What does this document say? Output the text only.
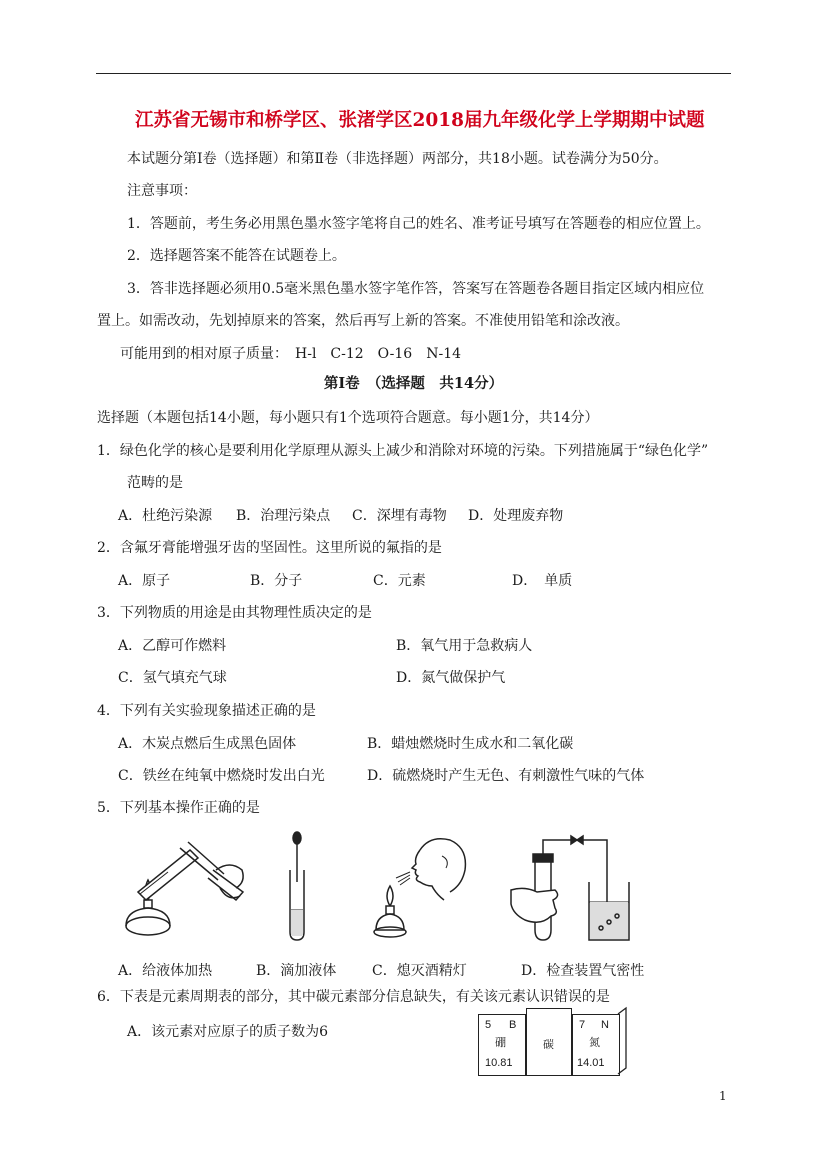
江苏省无锡市和桥学区、张渚学区2018届九年级化学上学期期中试题
本试题分第Ⅰ卷（选择题）和第Ⅱ卷（非选择题）两部分，共18小题。试卷满分为50分。
注意事项：
1．答题前，考生务必用黑色墨水签字笔将自己的姓名、准考证号填写在答题卷的相应位置上。
2．选择题答案不能答在试题卷上。
3．答非选择题必须用0.5毫米黑色墨水签字笔作答，答案写在答题卷各题目指定区域内相应位
置上。如需改动，先划掉原来的答案，然后再写上新的答案。不准使用铅笔和涂改液。
可能用到的相对原子质量：　H-l　C-12　O-16　N-14
第Ⅰ卷　（选择题　共14分）
选择题（本题包括14小题，每小题只有1个选项符合题意。每小题1分，共14分）
1．绿色化学的核心是要利用化学原理从源头上减少和消除对环境的污染。下列措施属于“绿色化学”
范畴的是
A．杜绝污染源 B．治理污染点 C．深埋有毒物 D．处理废弃物
2．含氟牙膏能增强牙齿的坚固性。这里所说的氟指的是
A．原子	B．分子	C．元素	D．　单质
3．下列物质的用途是由其物理性质决定的是
A．乙醇可作燃料	B．氧气用于急救病人
C．氢气填充气球	D．氮气做保护气
4．下列有关实验现象描述正确的是
A．木炭点燃后生成黑色固体	B．蜡烛燃烧时生成水和二氧化碳
C．铁丝在纯氧中燃烧时发出白光	D．硫燃烧时产生无色、有刺激性气味的气体
5．下列基本操作正确的是
A．给液体加热	B．滴加液体	C．熄灭酒精灯	D．检查装置气密性
6．下表是元素周期表的部分，其中碳元素部分信息缺失，有关该元素认识错误的是
A．该元素对应原子的质子数为6	5 B
硼
10.81
碳
7 N
氮
14.01
1
